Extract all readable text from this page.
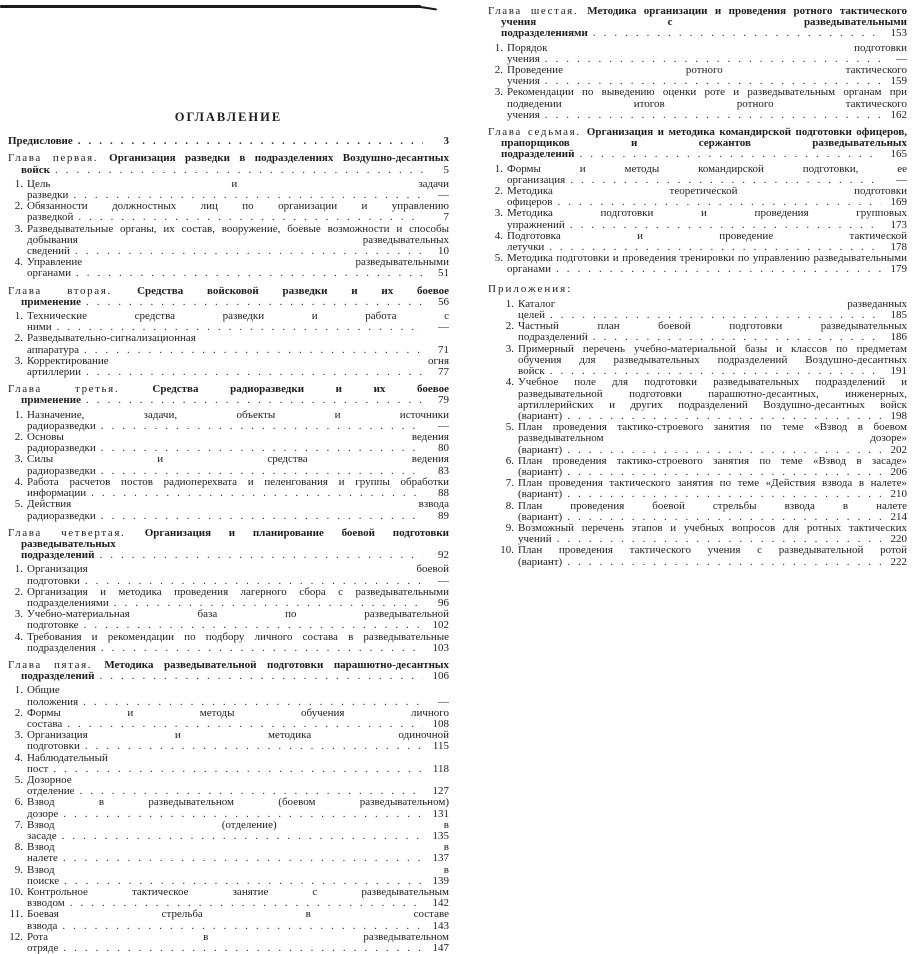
ОГЛАВЛЕНИЕ
Предисловие .....	3
Глава первая. Организация разведки в подразделениях Воздушно-десантных войск .....	5
1. Цель и задачи разведки .....	—
2. Обязанности должностных лиц по организации и управлению разведкой .....	7
3. Разведывательные органы, их состав, вооружение, боевые возможности и способы добывания разведывательных сведений .....	10
4. Управление разведывательными органами .....	51
Глава вторая. Средства войсковой разведки и их боевое применение .....	56
1. Технические средства разведки и работа с ними .....	—
2. Разведывательно-сигнализационная аппаратура .....	71
3. Корректирование огня артиллерии .....	77
Глава третья. Средства радиоразведки и их боевое применение .....	79
1. Назначение, задачи, объекты и источники радиоразведки .....	—
2. Основы ведения радиоразведки .....	80
3. Силы и средства ведения радиоразведки .....	83
4. Работа расчетов постов радиоперехвата и пеленгования и группы обработки информации .....	88
5. Действия взвода радиоразведки .....	89
Глава четвертая. Организация и планирование боевой подготовки разведывательных подразделений .....	92
1. Организация боевой подготовки .....	—
2. Организация и методика проведения лагерного сбора с разведывательными подразделениями .....	96
3. Учебно-материальная база по разведывательной подготовке .....	102
4. Требования и рекомендации по подбору личного состава в разведывательные подразделения .....	103
Глава пятая. Методика разведывательной подготовки парашютно-десантных подразделений .....	106
1. Общие положения .....	—
2. Формы и методы обучения личного состава .....	108
3. Организация и методика одиночной подготовки .....	115
4. Наблюдательный пост .....	118
5. Дозорное отделение .....	127
6. Взвод в разведывательном (боевом разведывательном) дозоре .....	131
7. Взвод (отделение) в засаде .....	135
8. Взвод в налете .....	137
9. Взвод в поиске .....	139
10. Контрольное тактическое занятие с разведывательным взводом .....	142
11. Боевая стрельба в составе взвода .....	143
12. Рота в разведывательном отряде .....	147
Глава шестая. Методика организации и проведения ротного тактического учения с разведывательными подразделениями .....	153
1. Порядок подготовки учения .....	—
2. Проведение ротного тактического учения .....	159
3. Рекомендации по выведению оценки роте и разведывательным органам при подведении итогов ротного тактического учения .....	162
Глава седьмая. Организация и методика командирской подготовки офицеров, прапорщиков и сержантов разведывательных подразделений .....	165
1. Формы и методы командирской подготовки, ее организация .....	—
2. Методика теоретической подготовки офицеров .....	169
3. Методика подготовки и проведения групповых упражнений .....	173
4. Подготовка и проведение тактической летучки .....	178
5. Методика подготовки и проведения тренировки по управлению разведывательными органами .....	179
Приложения:
1. Каталог разведанных целей .....	185
2. Частный план боевой подготовки разведывательных подразделений .....	186
3. Примерный перечень учебно-материальной базы и классов по предметам обучения для разведывательных подразделений Воздушно-десантных войск .....	191
4. Учебное поле для подготовки разведывательных подразделений и разведывательной подготовки парашютно-десантных, инженерных, артиллерийских и других подразделений Воздушно-десантных войск (вариант) .....	198
5. План проведения тактико-строевого занятия по теме «Взвод в боевом разведывательном дозоре» (вариант) .....	202
6. План проведения тактико-строевого занятия по теме «Взвод в засаде» (вариант) .....	206
7. План проведения тактического занятия по теме «Действия взвода в налете» (вариант) .....	210
8. План проведения боевой стрельбы взвода в налете (вариант) .....	214
9. Возможный перечень этапов и учебных вопросов для ротных тактических учений .....	220
10. План проведения тактического учения с разведывательной ротой (вариант) .....	222
